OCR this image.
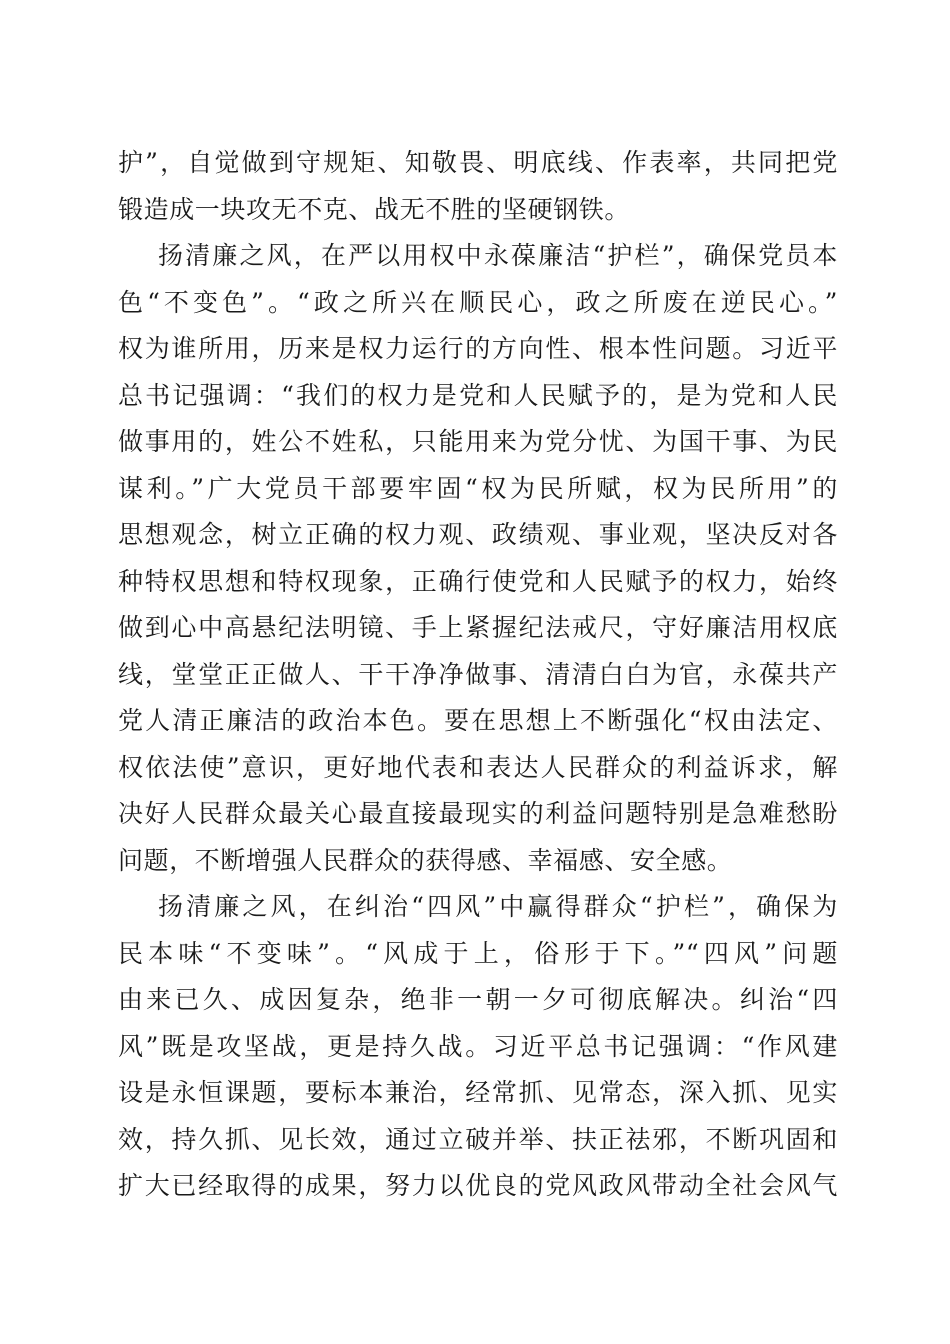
护”，自觉做到守规矩、知敬畏、明底线、作表率，共同把党
锻造成一块攻无不克、战无不胜的坚硬钢铁。
扬清廉之风，在严以用权中永葆廉洁“护栏”，确保党员本
色“不变色”。“政之所兴在顺民心，政之所废在逆民心。”
权为谁所用，历来是权力运行的方向性、根本性问题。习近平
总书记强调：“我们的权力是党和人民赋予的，是为党和人民
做事用的，姓公不姓私，只能用来为党分忧、为国干事、为民
谋利。”广大党员干部要牢固“权为民所赋，权为民所用”的
思想观念，树立正确的权力观、政绩观、事业观，坚决反对各
种特权思想和特权现象，正确行使党和人民赋予的权力，始终
做到心中高悬纪法明镜、手上紧握纪法戒尺，守好廉洁用权底
线，堂堂正正做人、干干净净做事、清清白白为官，永葆共产
党人清正廉洁的政治本色。要在思想上不断强化“权由法定、
权依法使”意识，更好地代表和表达人民群众的利益诉求，解
决好人民群众最关心最直接最现实的利益问题特别是急难愁盼
问题，不断增强人民群众的获得感、幸福感、安全感。
扬清廉之风，在纠治“四风”中赢得群众“护栏”，确保为
民本味“不变味”。“风成于上，俗形于下。”“四风”问题
由来已久、成因复杂，绝非一朝一夕可彻底解决。纠治“四
风”既是攻坚战，更是持久战。习近平总书记强调：“作风建
设是永恒课题，要标本兼治，经常抓、见常态，深入抓、见实
效，持久抓、见长效，通过立破并举、扶正祛邪，不断巩固和
扩大已经取得的成果，努力以优良的党风政风带动全社会风气
